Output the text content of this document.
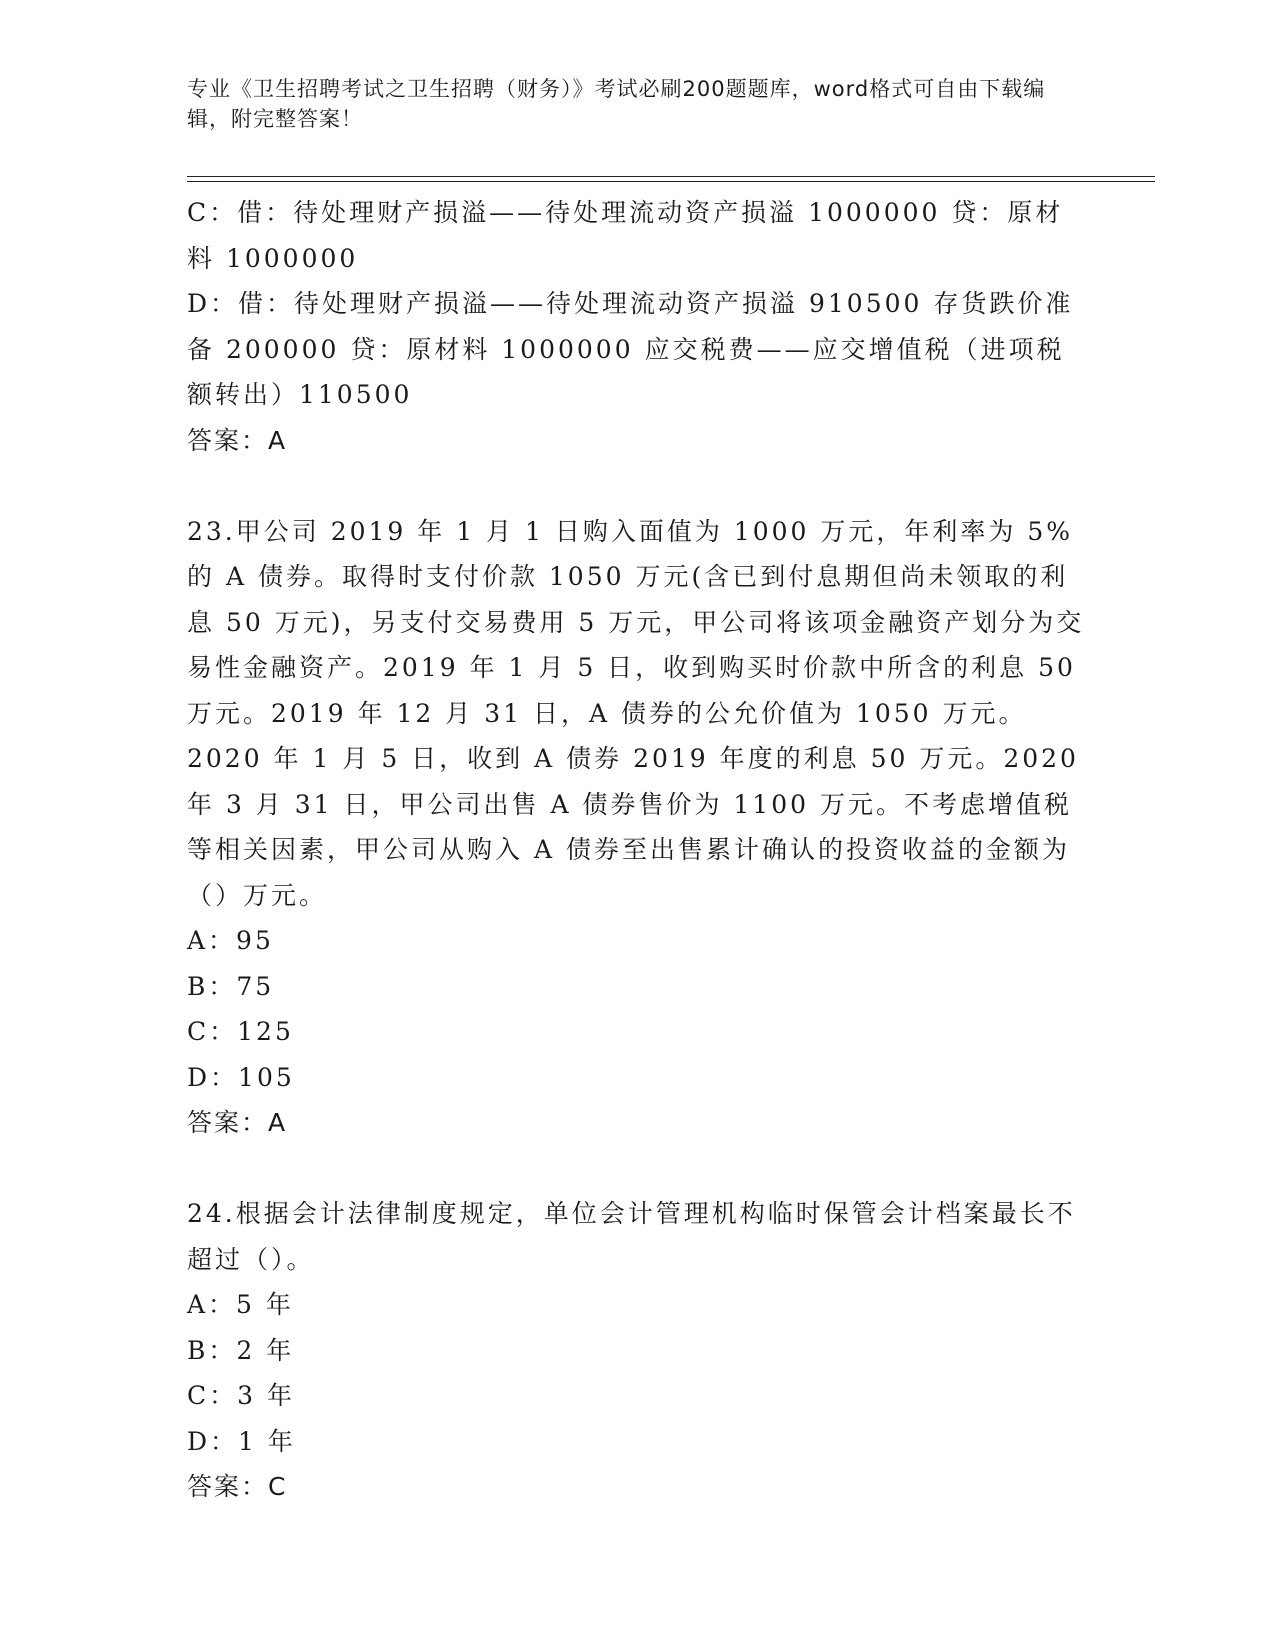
专业《卫生招聘考试之卫生招聘（财务）》考试必刷200题题库，word格式可自由下载编辑，附完整答案！

C：借：待处理财产损溢——待处理流动资产损溢 1000000 贷：原材料 1000000

D：借：待处理财产损溢——待处理流动资产损溢 910500 存货跌价准备 200000 贷：原材料 1000000 应交税费——应交增值税（进项税额转出）110500

答案：A

23.甲公司 2019 年 1 月 1 日购入面值为 1000 万元，年利率为 5%的 A 债券。取得时支付价款 1050 万元(含已到付息期但尚未领取的利息 50 万元)，另支付交易费用 5 万元，甲公司将该项金融资产划分为交易性金融资产。2019 年 1 月 5 日，收到购买时价款中所含的利息 50 万元。2019 年 12 月 31 日，A 债券的公允价值为 1050 万元。2020 年 1 月 5 日，收到 A 债券 2019 年度的利息 50 万元。2020 年 3 月 31 日，甲公司出售 A 债券售价为 1100 万元。不考虑增值税等相关因素，甲公司从购入 A 债券至出售累计确认的投资收益的金额为（）万元。

A：95

B：75

C：125

D：105

答案：A

24.根据会计法律制度规定，单位会计管理机构临时保管会计档案最长不超过（）。

A：5 年

B：2 年

C：3 年

D：1 年

答案：C
